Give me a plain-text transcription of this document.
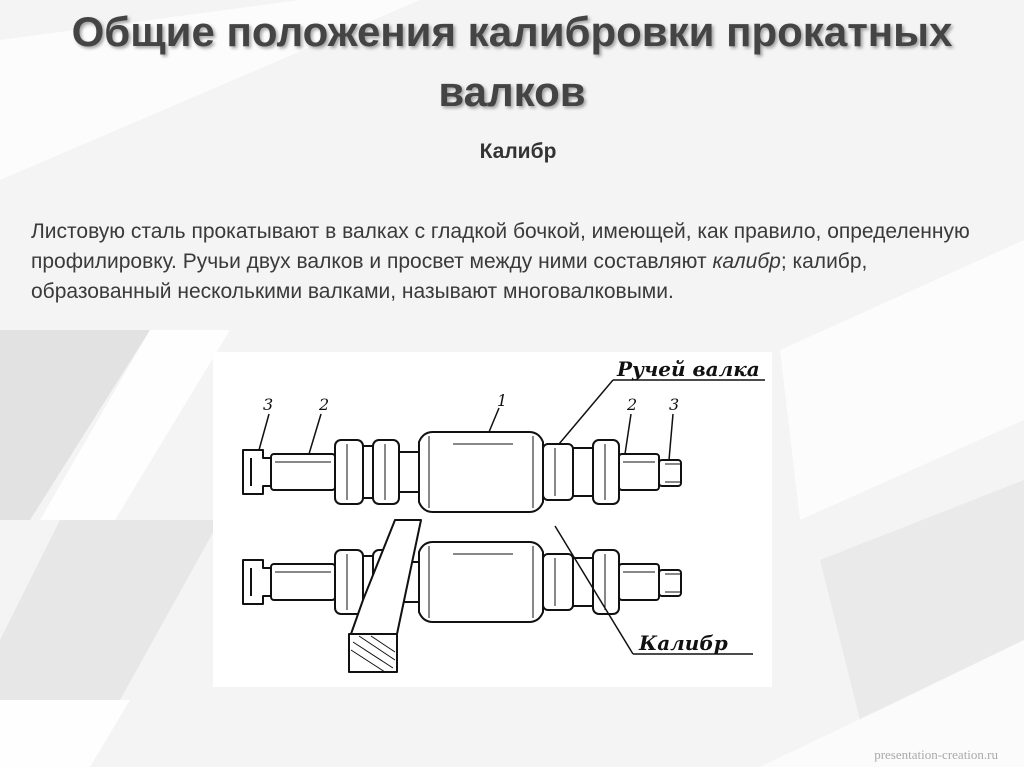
Общие положения калибровки прокатных
валков
Калибр

Листовую сталь прокатывают в валках с гладкой бочкой, имеющей, как правило, определенную профилировку. Ручьи двух валков и просвет между ними составляют калибр; калибр, образованный несколькими валками, называют многовалковыми.

3	2	1	2 3
Ручей валка
Калибр
presentation-creation.ru
